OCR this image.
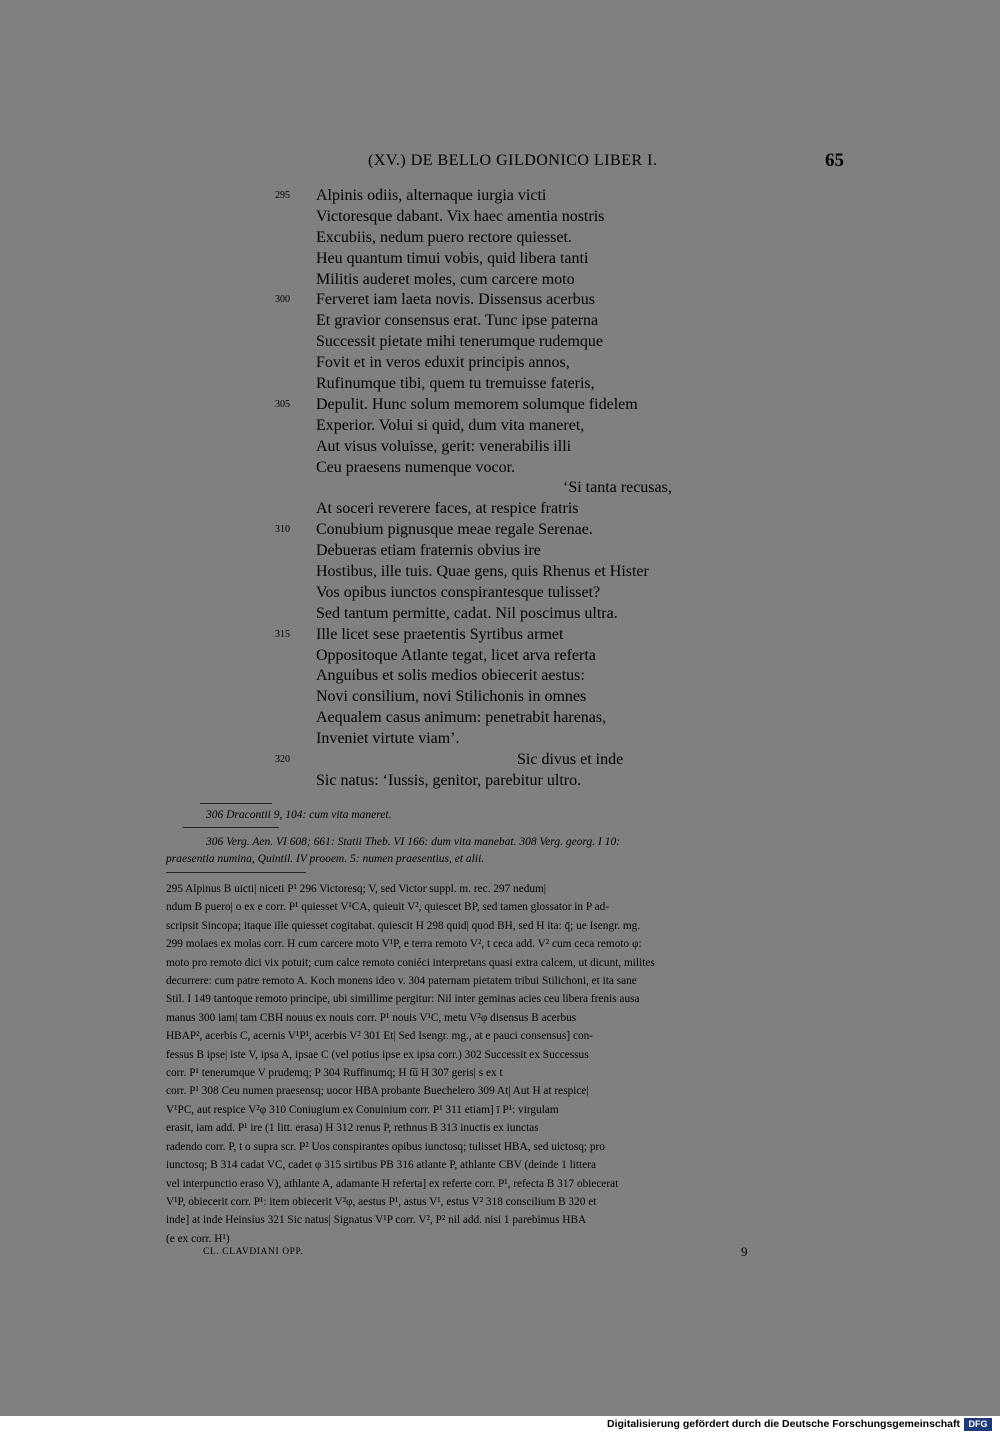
(XV.) DE BELLO GILDONICO LIBER I.	65
295 Alpinis odiis, alternaque iurgia victi
Victoresque dabant. Vix haec amentia nostris
Excubiis, nedum puero rectore quiesset.
Heu quantum timui vobis, quid libera tanti
Militis auderet moles, cum carcere moto
300 Ferveret iam laeta novis. Dissensus acerbus
Et gravior consensus erat. Tunc ipse paterna
Successit pietate mihi tenerumque rudemque
Fovit et in veros eduxit principis annos,
Rufinumque tibi, quem tu tremuisse fateris,
305 Depulit. Hunc solum memorem solumque fidelem
Experior. Volui si quid, dum vita maneret,
Aut visus voluisse, gerit: venerabilis illi
Ceu praesens numenque vocor.
‘Si tanta recusas,
At soceri reverere faces, at respice fratris
310 Conubium pignusque meae regale Serenae.
Debueras etiam fraternis obvius ire
Hostibus, ille tuis. Quae gens, quis Rhenus et Hister
Vos opibus iunctos conspirantesque tulisset?
Sed tantum permitte, cadat. Nil poscimus ultra.
315 Ille licet sese praetentis Syrtibus armet
Oppositoque Atlante tegat, licet arva referta
Anguibus et solis medios obiecerit aestus:
Novi consilium, novi Stilichonis in omnes
Aequalem casus animum: penetrabit harenas,
Inveniet virtute viam’.
320	Sic divus et inde
Sic natus: ‘Iussis, genitor, parebitur ultro.
306 Dracontii 9, 104: cum vita maneret.
306 Verg. Aen. VI 608; 661: Statii Theb. VI 166: dum vita manebat. 308 Verg. georg. I 10:
praesentia numina, Quintil. IV prooem. 5: numen praesentius, et alii.

295 Alpinus B uicti| niceti P¹ 296 Victoresq; V, sed Victor suppl. m. rec. 297 nedum|

ndum B puero| o ex e corr. P¹ quiesset V¹CA, quieuit V², quiescet BP, sed tamen glossator in P ad-

scripsit Sincopa; itaque ille quiesset cogitabat. quiescit H 298 quid| quod BH, sed H ita: q̄; ue Isengr. mg.

299 molaes ex molas corr. H cum carcere moto V¹P, e terra remoto V², t ceca add. V² cum ceca remoto φ:

moto pro remoto dici vix potuit; cum calce remoto coniéci interpretans quasi extra calcem, ut dicunt, milites

decurrere: cum patre remoto A. Koch monens ideo v. 304 paternam pietatem tribui Stilichoni, et ita sane

Stil. I 149 tantoque remoto principe, ubi simillime pergitur: Nil inter geminas acies ceu libera frenis ausa

manus 300 iam| tam CBH nouus ex nouis corr. P¹ nouis V¹C, metu V²φ disensus B acerbus

HBAP², acerbis C, acernis V¹P¹, acerbis V² 301 Et| Sed Isengr. mg., at e pauci consensus] con-

fessus B ipse| iste V, ipsa A, ipsae C (vel potius ipse ex ipsa corr.) 302 Successit ex Successus

corr. P¹ tenerumque V prudemq; P 304 Ruffinumq; H t͞u H 307 geris| s ex t

corr. P¹ 308 Ceu numen praesensq; uocor HBA probante Buechelero 309 At| Aut H at respice|

V¹PC, aut respice V²φ 310 Coniugium ex Conuinium corr. P¹ 311 etiam] ī P¹: virgulam

erasit, iam add. P¹ ire (1 litt. erasa) H 312 renus P, rethnus B 313 inuctis ex iunctas

radendo corr. P, t o supra scr. P² Uos conspirantes opibus iunctosq; tulisset HBA, sed uictosq; pro

iunctosq; B 314 cadat VC, cadet φ 315 sirtibus PB 316 atlante P, athlante CBV (deinde 1 littera

vel interpunctio eraso V), athlante A, adamante H referta] ex referte corr. P¹, refecta B 317 obiecerat

V¹P, obiecerit corr. P¹: item obiecerit V²φ, aestus P¹, astus V¹, estus V² 318 conscilium B 320 et

inde] at inde Heinsius 321 Sic natus| Signatus V¹P corr. V², P² nil add. nisi 1 parebimus HBA

(e ex corr. H¹)

CL. CLAVDIANI OPP.	9
Digitalisierung gefördert durch die Deutsche Forschungsgemeinschaft DFG
